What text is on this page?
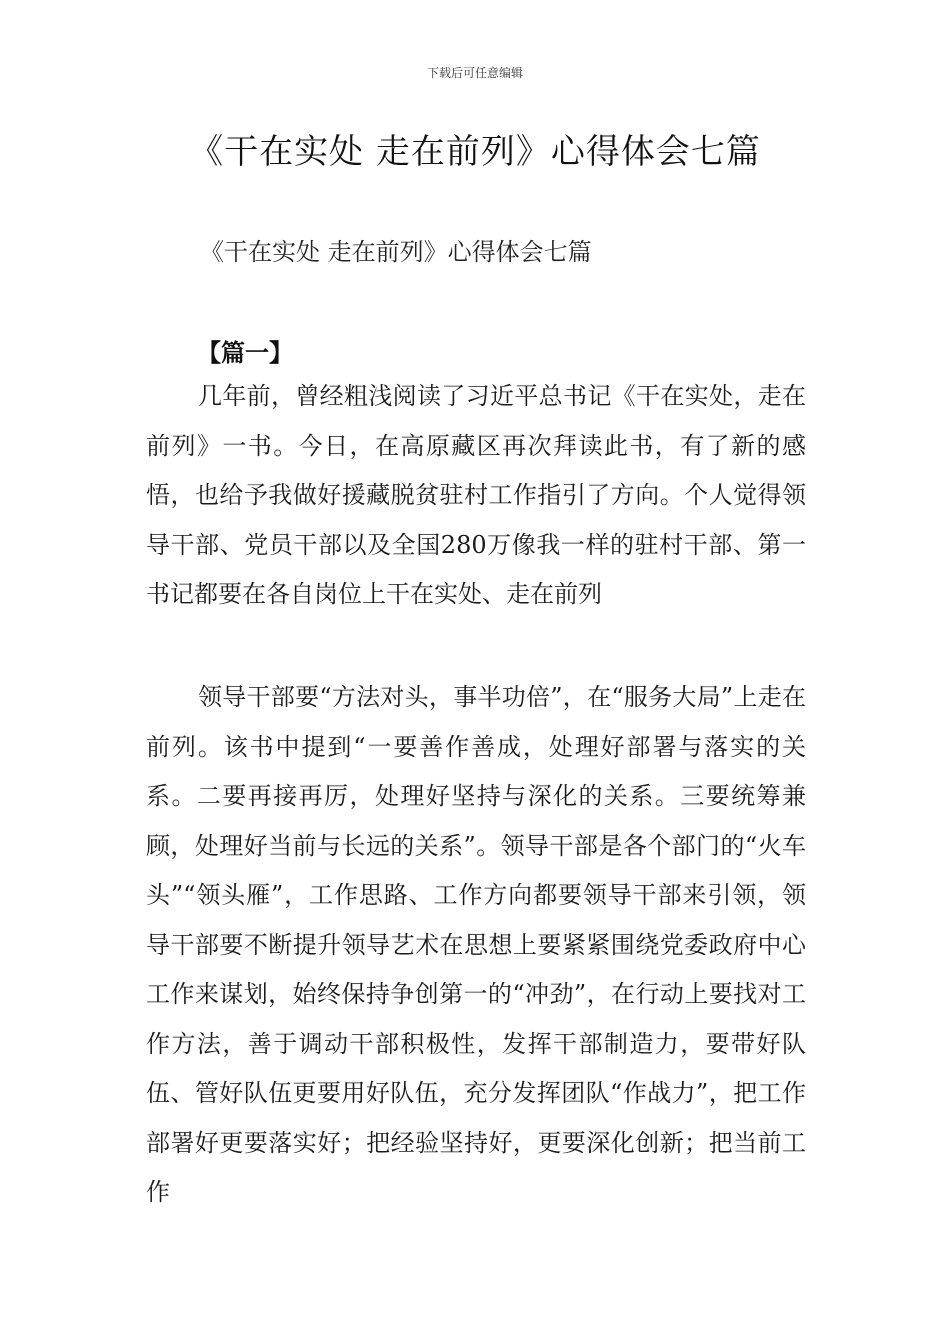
下载后可任意编辑
《干在实处 走在前列》心得体会七篇
《干在实处 走在前列》心得体会七篇
【篇一】

几年前，曾经粗浅阅读了习近平总书记《干在实处，走在前列》一书。今日，在高原藏区再次拜读此书，有了新的感悟，也给予我做好援藏脱贫驻村工作指引了方向。个人觉得领导干部、党员干部以及全国280万像我一样的驻村干部、第一书记都要在各自岗位上干在实处、走在前列

领导干部要“方法对头，事半功倍”，在“服务大局”上走在前列。该书中提到“一要善作善成，处理好部署与落实的关系。二要再接再厉，处理好坚持与深化的关系。三要统筹兼顾，处理好当前与长远的关系”。领导干部是各个部门的“火车头”“领头雁”，工作思路、工作方向都要领导干部来引领，领导干部要不断提升领导艺术在思想上要紧紧围绕党委政府中心工作来谋划，始终保持争创第一的“冲劲”，在行动上要找对工作方法，善于调动干部积极性，发挥干部制造力，要带好队伍、管好队伍更要用好队伍，充分发挥团队“作战力”，把工作部署好更要落实好；把经验坚持好，更要深化创新；把当前工作
